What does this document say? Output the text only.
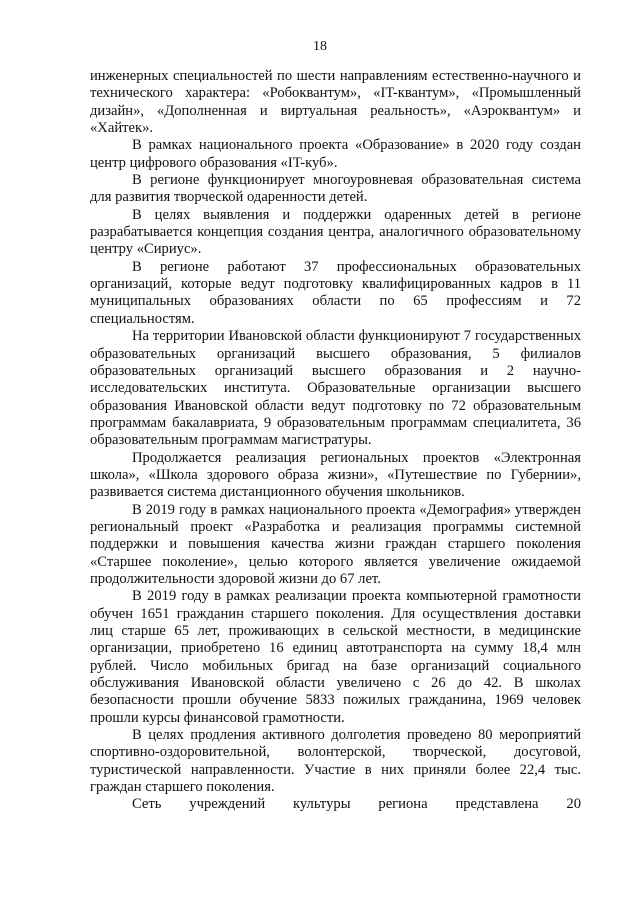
18

инженерных специальностей по шести направлениям естественно-научного и технического характера: «Робоквантум», «IT-квантум», «Промышленный дизайн», «Дополненная и виртуальная реальность», «Аэроквантум» и «Хайтек».

В рамках национального проекта «Образование» в 2020 году создан центр цифрового образования «IT-куб».

В регионе функционирует многоуровневая образовательная система для развития творческой одаренности детей.

В целях выявления и поддержки одаренных детей в регионе разрабатывается концепция создания центра, аналогичного образовательному центру «Сириус».

В регионе работают 37 профессиональных образовательных организаций, которые ведут подготовку квалифицированных кадров в 11 муниципальных образованиях области по 65 профессиям и 72 специальностям.

На территории Ивановской области функционируют 7 государственных образовательных организаций высшего образования, 5 филиалов образовательных организаций высшего образования и 2 научно-исследовательских института. Образовательные организации высшего образования Ивановской области ведут подготовку по 72 образовательным программам бакалавриата, 9 образовательным программам специалитета, 36 образовательным программам магистратуры.

Продолжается реализация региональных проектов «Электронная школа», «Школа здорового образа жизни», «Путешествие по Губернии», развивается система дистанционного обучения школьников.

В 2019 году в рамках национального проекта «Демография» утвержден региональный проект «Разработка и реализация программы системной поддержки и повышения качества жизни граждан старшего поколения «Старшее поколение», целью которого является увеличение ожидаемой продолжительности здоровой жизни до 67 лет.

В 2019 году в рамках реализации проекта компьютерной грамотности обучен 1651 гражданин старшего поколения. Для осуществления доставки лиц старше 65 лет, проживающих в сельской местности, в медицинские организации, приобретено 16 единиц автотранспорта на сумму 18,4 млн рублей. Число мобильных бригад на базе организаций социального обслуживания Ивановской области увеличено с 26 до 42. В школах безопасности прошли обучение 5833 пожилых гражданина, 1969 человек прошли курсы финансовой грамотности.

В целях продления активного долголетия проведено 80 мероприятий спортивно-оздоровительной, волонтерской, творческой, досуговой, туристической направленности. Участие в них приняли более 22,4 тыс. граждан старшего поколения.

Сеть учреждений культуры региона представлена 20
